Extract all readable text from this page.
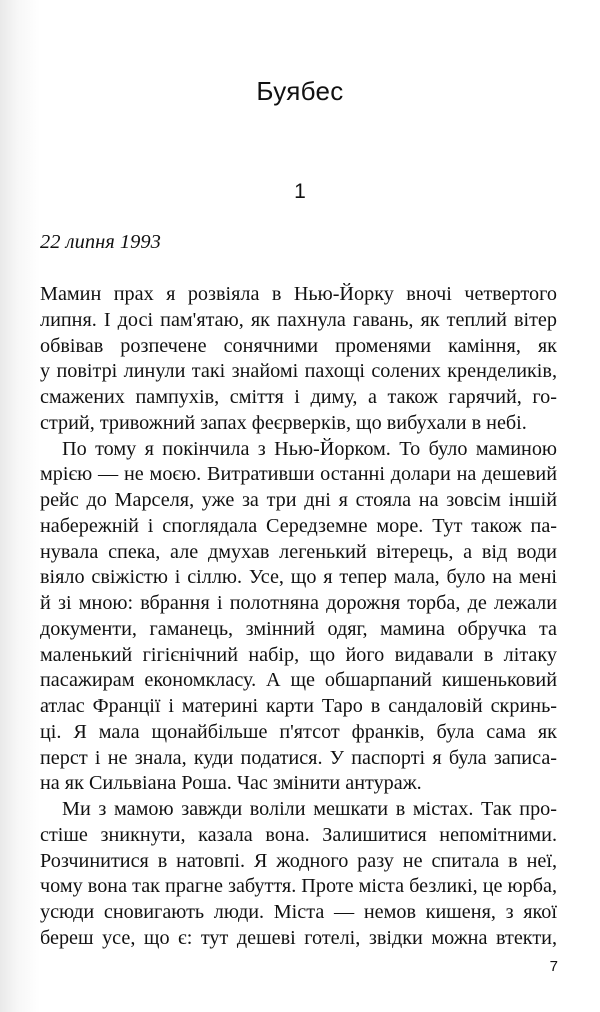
Буябес
1
22 липня 1993
Мамин прах я розвіяла в Нью-Йорку вночі четвертого
липня. І досі пам'ятаю, як пахнула гавань, як теплий вітер
обвівав розпечене сонячними променями каміння, як
у повітрі линули такі знайомі пахощі солених кренделиків,
смажених пампухів, сміття і диму, а також гарячий, го-
стрий, тривожний запах феєрверків, що вибухали в небі.
По тому я покінчила з Нью-Йорком. То було маминою
мрією — не моєю. Витративши останні долари на дешевий
рейс до Марселя, уже за три дні я стояла на зовсім іншій
набережній і споглядала Середземне море. Тут також па-
нувала спека, але дмухав легенький вітерець, а від води
віяло свіжістю і сіллю. Усе, що я тепер мала, було на мені
й зі мною: вбрання і полотняна дорожня торба, де лежали
документи, гаманець, змінний одяг, мамина обручка та
маленький гігієнічний набір, що його видавали в літаку
пасажирам економкласу. А ще обшарпаний кишеньковий
атлас Франції і материні карти Таро в сандаловій скринь-
ці. Я мала щонайбільше п'ятсот франків, була сама як
перст і не знала, куди податися. У паспорті я була записа-
на як Сильвіана Роша. Час змінити антураж.
Ми з мамою завжди воліли мешкати в містах. Так про-
стіше зникнути, казала вона. Залишитися непомітними.
Розчинитися в натовпі. Я жодного разу не спитала в неї,
чому вона так прагне забуття. Проте міста безликі, це юрба,
усюди сновигають люди. Міста — немов кишеня, з якої
береш усе, що є: тут дешеві готелі, звідки можна втекти,
7
